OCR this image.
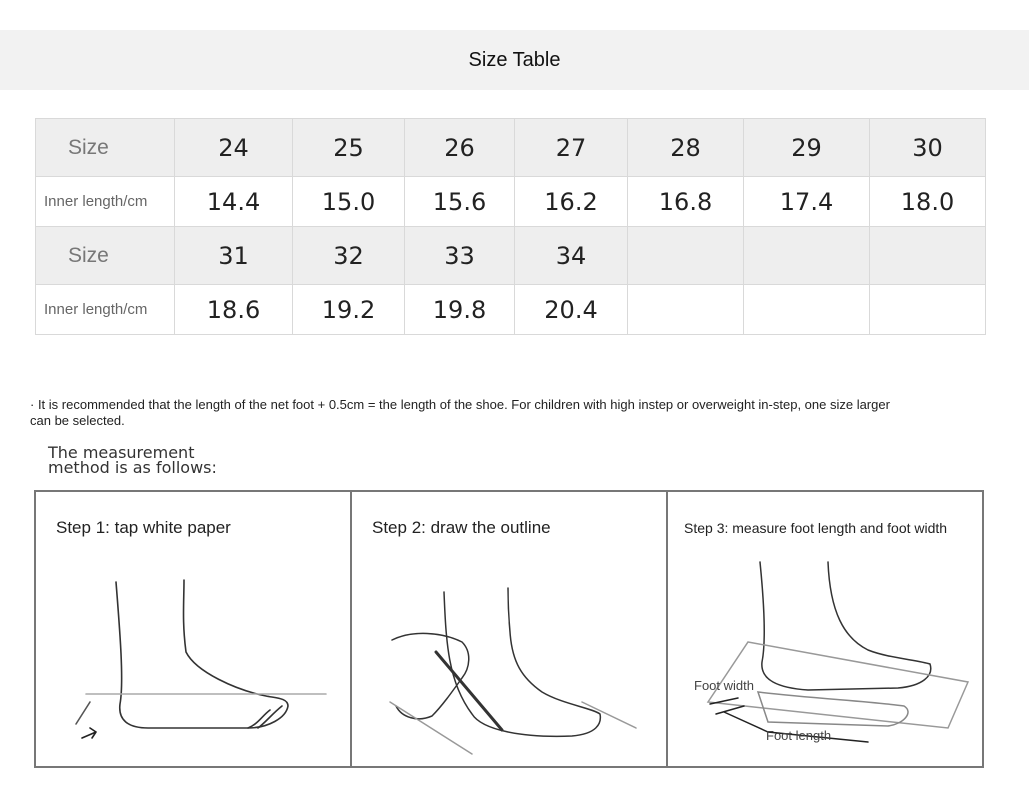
Size Table
Size	24	25	26	27	28	29	30
Inner length/cm	14.4	15.0	15.6	16.2	16.8	17.4	18.0
Size	31	32	33	34			
Inner length/cm	18.6	19.2	19.8	20.4			
· It is recommended that the length of the net foot + 0.5cm = the length of the shoe. For children with high instep or overweight in-step, one size larger can be selected.
The measurement
method is as follows:
Step 1: tap white paper	Step 2: draw the outline	Step 3: measure foot length and foot width
Foot width
Foot length
